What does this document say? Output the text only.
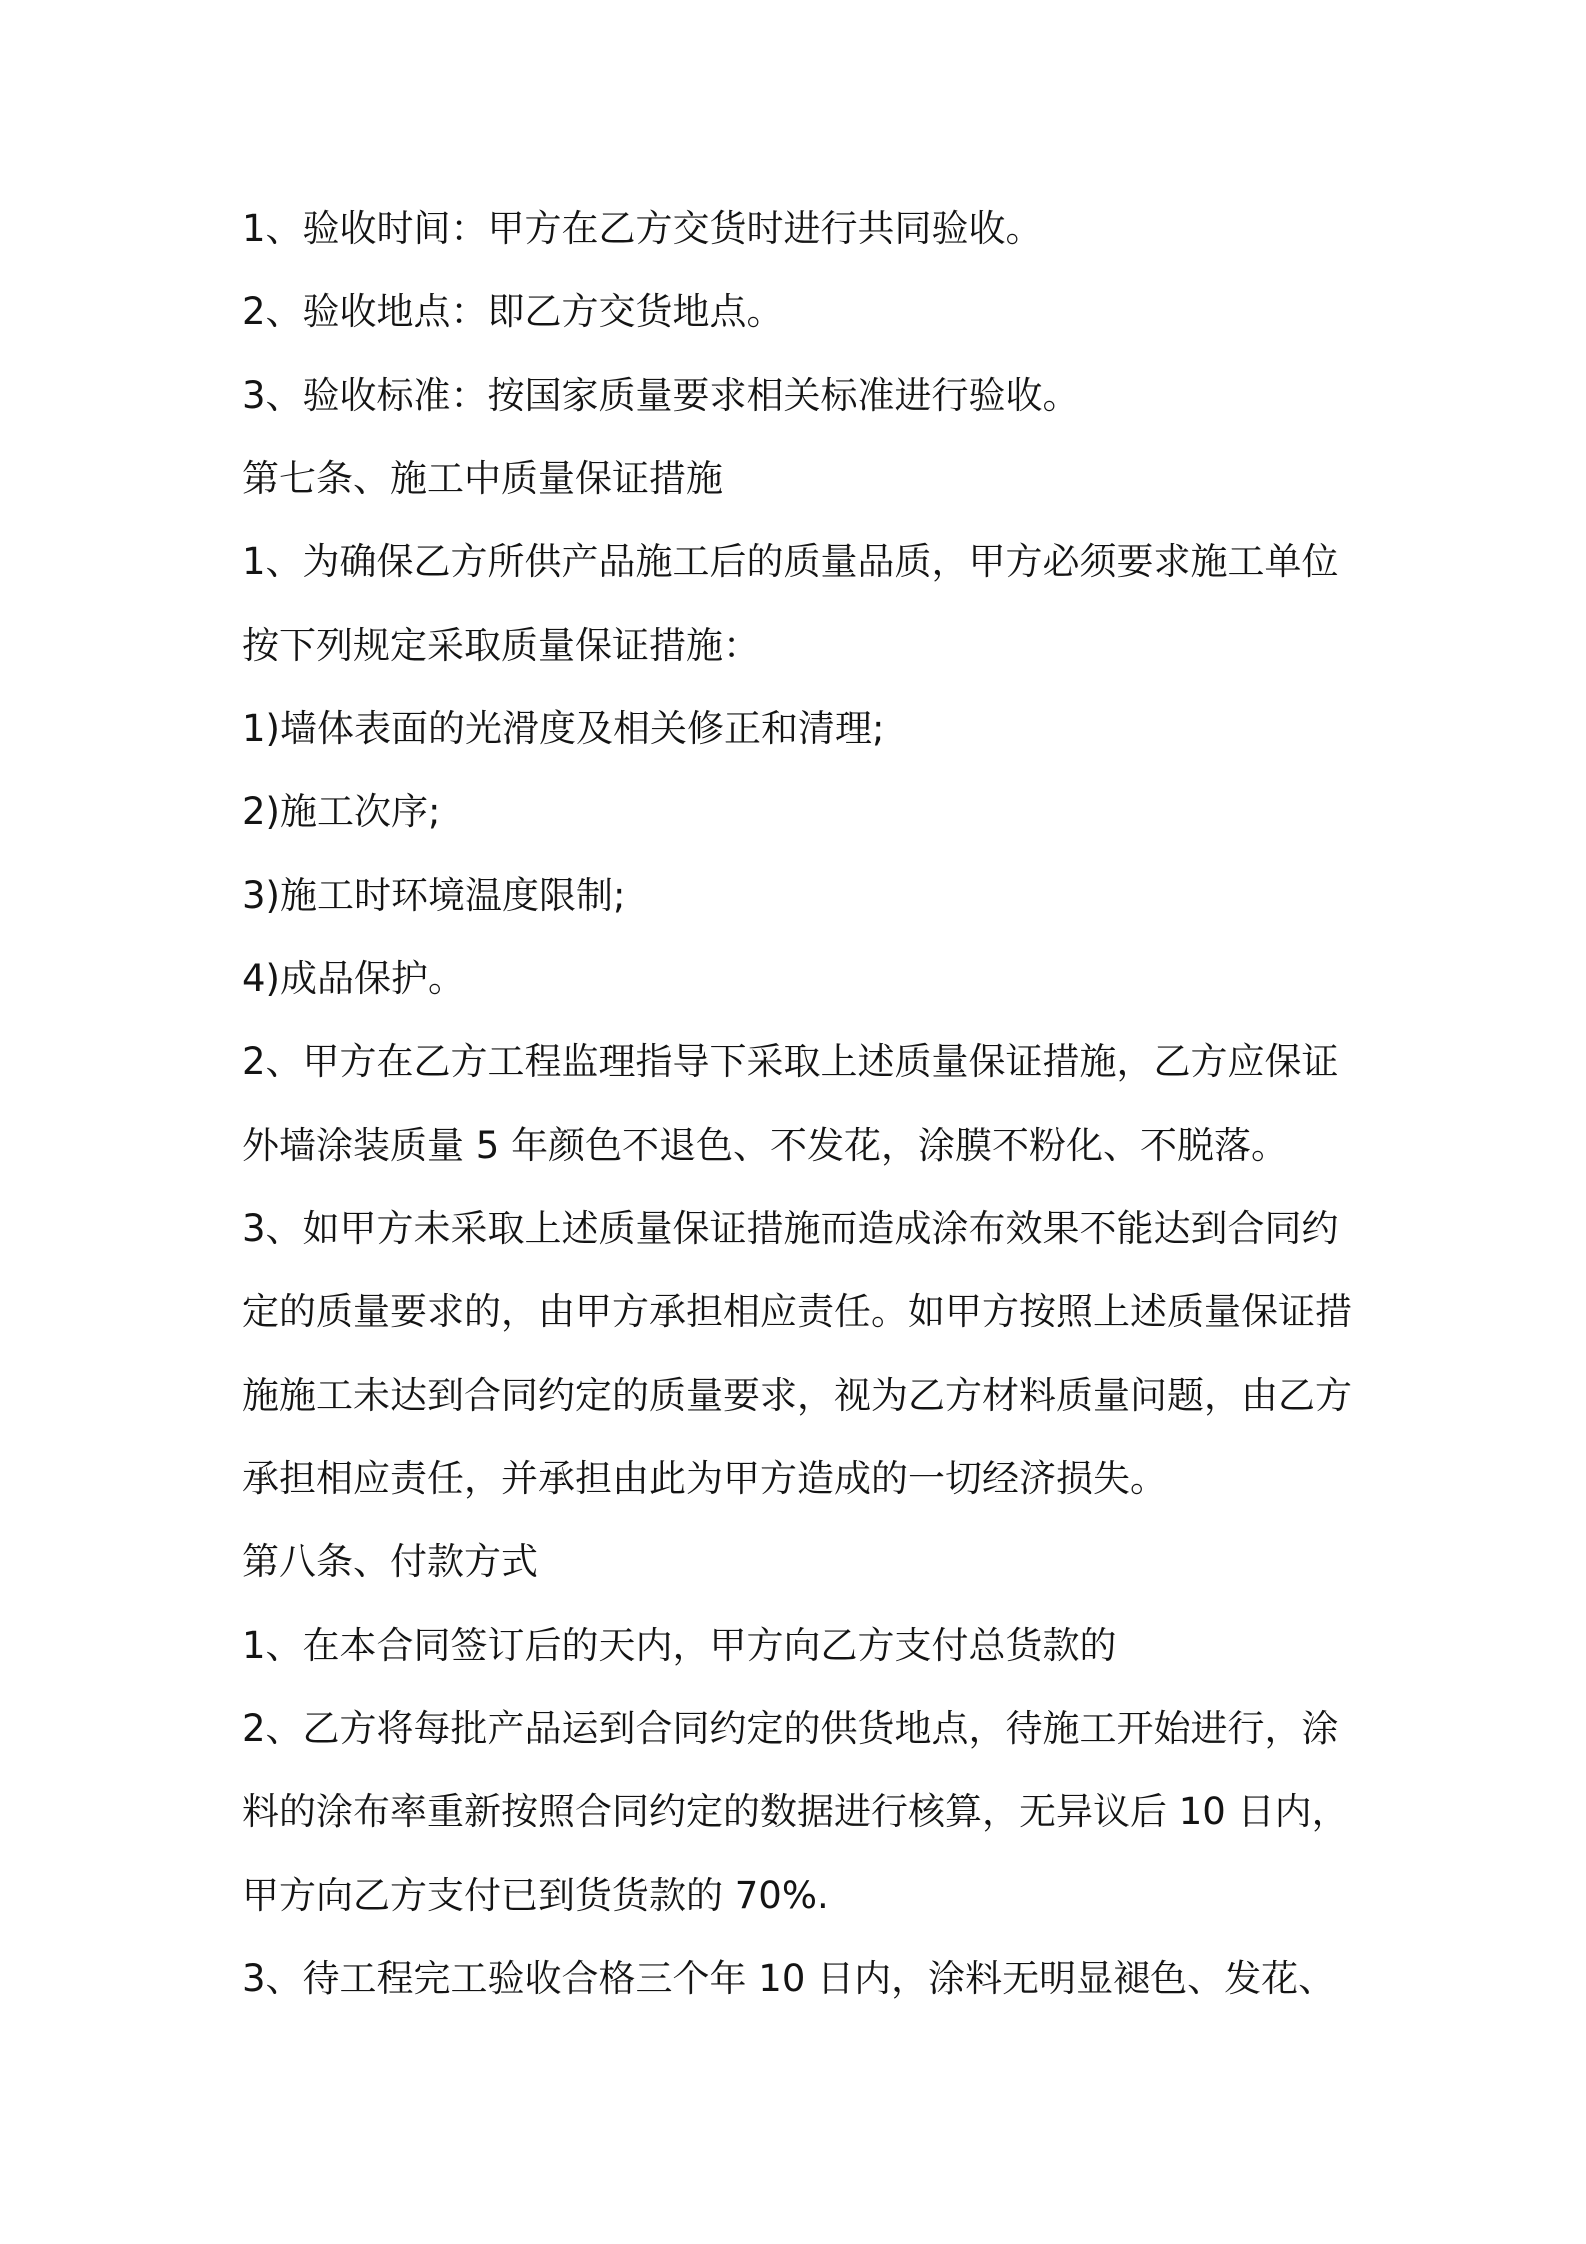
1、验收时间：甲方在乙方交货时进行共同验收。
2、验收地点：即乙方交货地点。
3、验收标准：按国家质量要求相关标准进行验收。
第七条、施工中质量保证措施
1、为确保乙方所供产品施工后的质量品质，甲方必须要求施工单位
按下列规定采取质量保证措施：
1)墙体表面的光滑度及相关修正和清理;
2)施工次序;
3)施工时环境温度限制;
4)成品保护。
2、甲方在乙方工程监理指导下采取上述质量保证措施，乙方应保证
外墙涂装质量 5 年颜色不退色、不发花，涂膜不粉化、不脱落。
3、如甲方未采取上述质量保证措施而造成涂布效果不能达到合同约
定的质量要求的，由甲方承担相应责任。如甲方按照上述质量保证措
施施工未达到合同约定的质量要求，视为乙方材料质量问题，由乙方
承担相应责任，并承担由此为甲方造成的一切经济损失。
第八条、付款方式
1、在本合同签订后的天内，甲方向乙方支付总货款的
2、乙方将每批产品运到合同约定的供货地点，待施工开始进行，涂
料的涂布率重新按照合同约定的数据进行核算，无异议后 10 日内，
甲方向乙方支付已到货货款的 70%.
3、待工程完工验收合格三个年 10 日内，涂料无明显褪色、发花、
